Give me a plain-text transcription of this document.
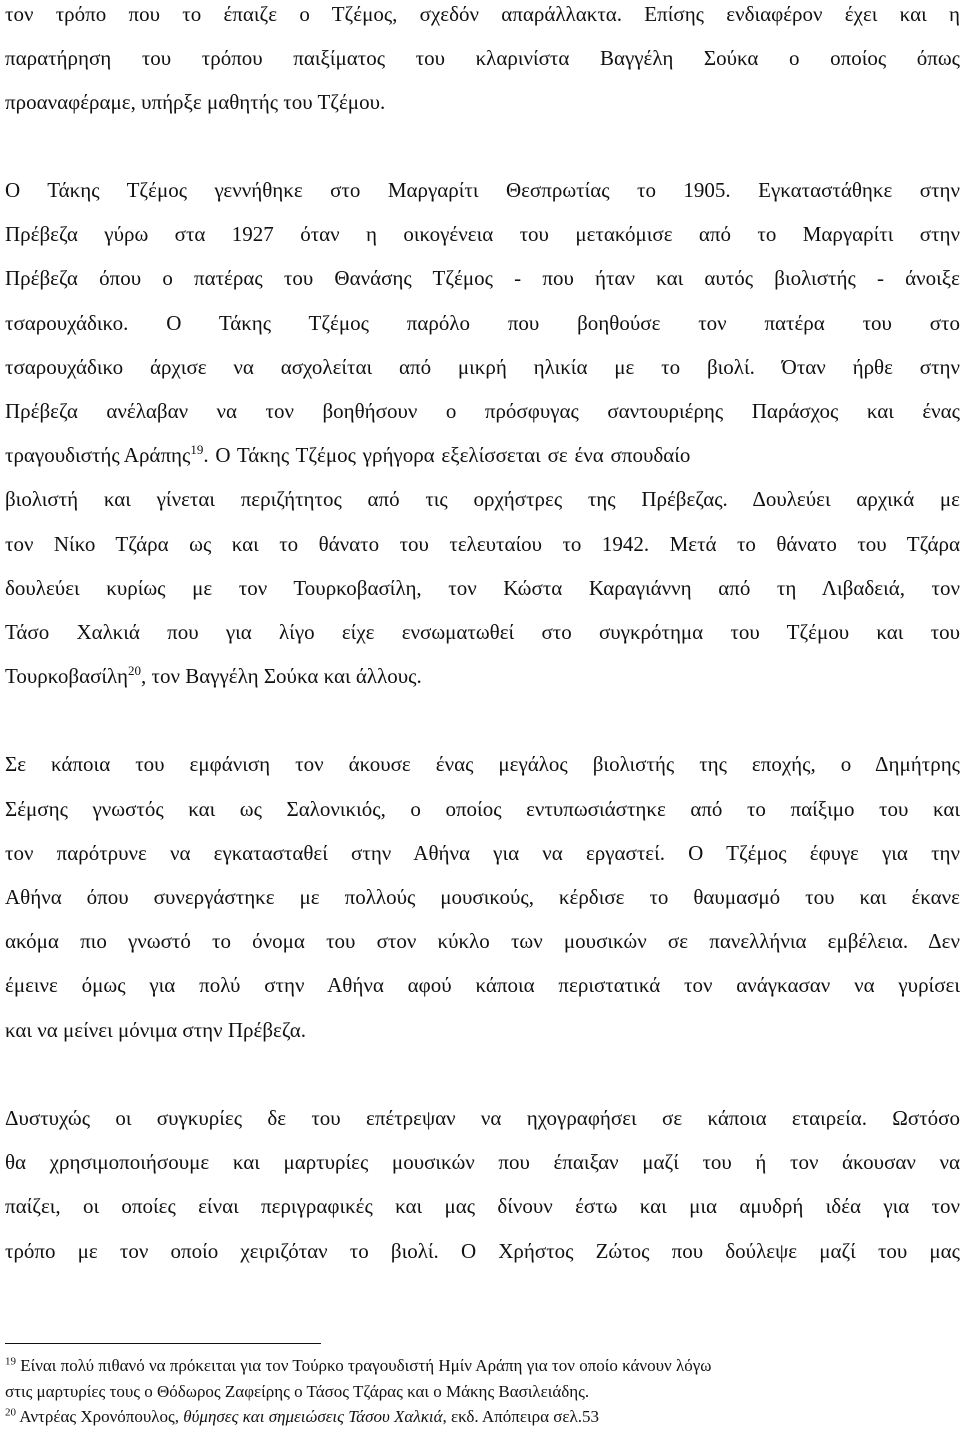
τον τρόπο που το έπαιζε ο Τζέμος, σχεδόν απαράλλακτα. Επίσης ενδιαφέρον έχει και η
παρατήρηση του τρόπου παιξίματος του κλαρινίστα Βαγγέλη Σούκα ο οποίος όπως
προαναφέραμε, υπήρξε μαθητής του Τζέμου.
Ο Τάκης Τζέμος γεννήθηκε στο Μαργαρίτι Θεσπρωτίας το 1905. Εγκαταστάθηκε στην
Πρέβεζα γύρω στα 1927 όταν η οικογένεια του μετακόμισε από το Μαργαρίτι στην
Πρέβεζα όπου ο πατέρας του Θανάσης Τζέμος - που ήταν και αυτός βιολιστής - άνοιξε
τσαρουχάδικο. Ο Τάκης Τζέμος παρόλο που βοηθούσε τον πατέρα του στο
τσαρουχάδικο άρχισε να ασχολείται από μικρή ηλικία με το βιολί. Όταν ήρθε στην
Πρέβεζα ανέλαβαν να τον βοηθήσουν ο πρόσφυγας σαντουριέρης Παράσχος και ένας
τραγουδιστής Αράπης$^{19}$. Ο Τάκης Τζέμος γρήγορα εξελίσσεται σε ένα σπουδαίο
βιολιστή και γίνεται περιζήτητος από τις ορχήστρες της Πρέβεζας. Δουλεύει αρχικά με
τον Νίκο Τζάρα ως και το θάνατο του τελευταίου το 1942. Μετά το θάνατο του Τζάρα
δουλεύει κυρίως με τον Τουρκοβασίλη, τον Κώστα Καραγιάννη από τη Λιβαδειά, τον
Τάσο Χαλκιά που για λίγο είχε ενσωματωθεί στο συγκρότημα του Τζέμου και του
Τουρκοβασίλη$^{20}$, τον Βαγγέλη Σούκα και άλλους.
Σε κάποια του εμφάνιση τον άκουσε ένας μεγάλος βιολιστής της εποχής, ο Δημήτρης
Σέμσης γνωστός και ως Σαλονικιός, ο οποίος εντυπωσιάστηκε από το παίξιμο του και
τον παρότρυνε να εγκατασταθεί στην Αθήνα για να εργαστεί. Ο Τζέμος έφυγε για την
Αθήνα όπου συνεργάστηκε με πολλούς μουσικούς, κέρδισε το θαυμασμό του και έκανε
ακόμα πιο γνωστό το όνομα του στον κύκλο των μουσικών σε πανελλήνια εμβέλεια. Δεν
έμεινε όμως για πολύ στην Αθήνα αφού κάποια περιστατικά τον ανάγκασαν να γυρίσει
και να μείνει μόνιμα στην Πρέβεζα.
Δυστυχώς οι συγκυρίες δε του επέτρεψαν να ηχογραφήσει σε κάποια εταιρεία. Ωστόσο
θα χρησιμοποιήσουμε και μαρτυρίες μουσικών που έπαιξαν μαζί του ή τον άκουσαν να
παίζει, οι οποίες είναι περιγραφικές και μας δίνουν έστω και μια αμυδρή ιδέα για τον
τρόπο με τον οποίο χειριζόταν το βιολί. Ο Χρήστος Ζώτος που δούλεψε μαζί του μας
$^{19}$ Είναι πολύ πιθανό να πρόκειται για τον Τούρκο τραγουδιστή Ημίν Αράπη για τον οποίο κάνουν λόγω
στις μαρτυρίες τους ο Θόδωρος Ζαφείρης ο Τάσος Τζάρας και ο Μάκης Βασιλειάδης.
$^{20}$ Αντρέας Χρονόπουλος, θύμησες και σημειώσεις Τάσου Χαλκιά, εκδ. Απόπειρα σελ.53
